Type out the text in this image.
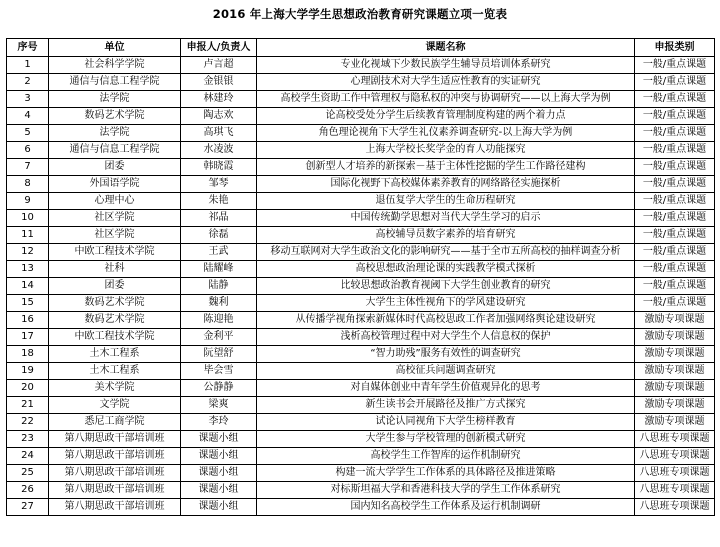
2016 年上海大学学生思想政治教育研究课题立项一览表
序号	单位	申报人/负责人	课题名称	申报类别
1	社会科学学院	卢言超	专业化视域下少数民族学生辅导员培训体系研究	一般/重点课题
2	通信与信息工程学院	金银银	心理剧技术对大学生适应性教育的实证研究	一般/重点课题
3	法学院	林建玲	高校学生资助工作中管理权与隐私权的冲突与协调研究——以上海大学为例	一般/重点课题
4	数码艺术学院	陶志欢	论高校受处分学生后续教育管理制度构建的两个着力点	一般/重点课题
5	法学院	高琪飞	角色理论视角下大学生礼仪素养调查研究-以上海大学为例	一般/重点课题
6	通信与信息工程学院	水凌波	上海大学校长奖学金的育人功能探究	一般/重点课题
7	团委	韩晓霞	创新型人才培养的新探索－基于主体性挖掘的学生工作路径建构	一般/重点课题
8	外国语学院	邹琴	国际化视野下高校媒体素养教育的网络路径实施探析	一般/重点课题
9	心理中心	朱艳	退伍复学大学生的生命历程研究	一般/重点课题
10	社区学院	祁晶	中国传统勤学思想对当代大学生学习的启示	一般/重点课题
11	社区学院	徐磊	高校辅导员数字素养的培育研究	一般/重点课题
12	中欧工程技术学院	王武	移动互联网对大学生政治文化的影响研究——基于全市五所高校的抽样调查分析	一般/重点课题
13	社科	陆耀峰	高校思想政治理论课的实践教学模式探析	一般/重点课题
14	团委	陆静	比较思想政治教育视阈下大学生创业教育的研究	一般/重点课题
15	数码艺术学院	魏利	大学生主体性视角下的学风建设研究	一般/重点课题
16	数码艺术学院	陈迎艳	从传播学视角探索新媒体时代高校思政工作者加强网络舆论建设研究	激励专项课题
17	中欧工程技术学院	金利平	浅析高校管理过程中对大学生个人信息权的保护	激励专项课题
18	土木工程系	阮望舒	“智力助残”服务有效性的调查研究	激励专项课题
19	土木工程系	毕会雪	高校征兵问题调查研究	激励专项课题
20	美术学院	公静静	对自媒体创业中青年学生价值观异化的思考	激励专项课题
21	文学院	梁爽	新生读书会开展路径及推广方式探究	激励专项课题
22	悉尼工商学院	李玲	试论认同视角下大学生榜样教育	激励专项课题
23	第八期思政干部培训班	课题小组	大学生参与学校管理的创新模式研究	八思班专项课题
24	第八期思政干部培训班	课题小组	高校学生工作智库的运作机制研究	八思班专项课题
25	第八期思政干部培训班	课题小组	构建一流大学学生工作体系的具体路径及推进策略	八思班专项课题
26	第八期思政干部培训班	课题小组	对标斯坦福大学和香港科技大学的学生工作体系研究	八思班专项课题
27	第八期思政干部培训班	课题小组	国内知名高校学生工作体系及运行机制调研	八思班专项课题
